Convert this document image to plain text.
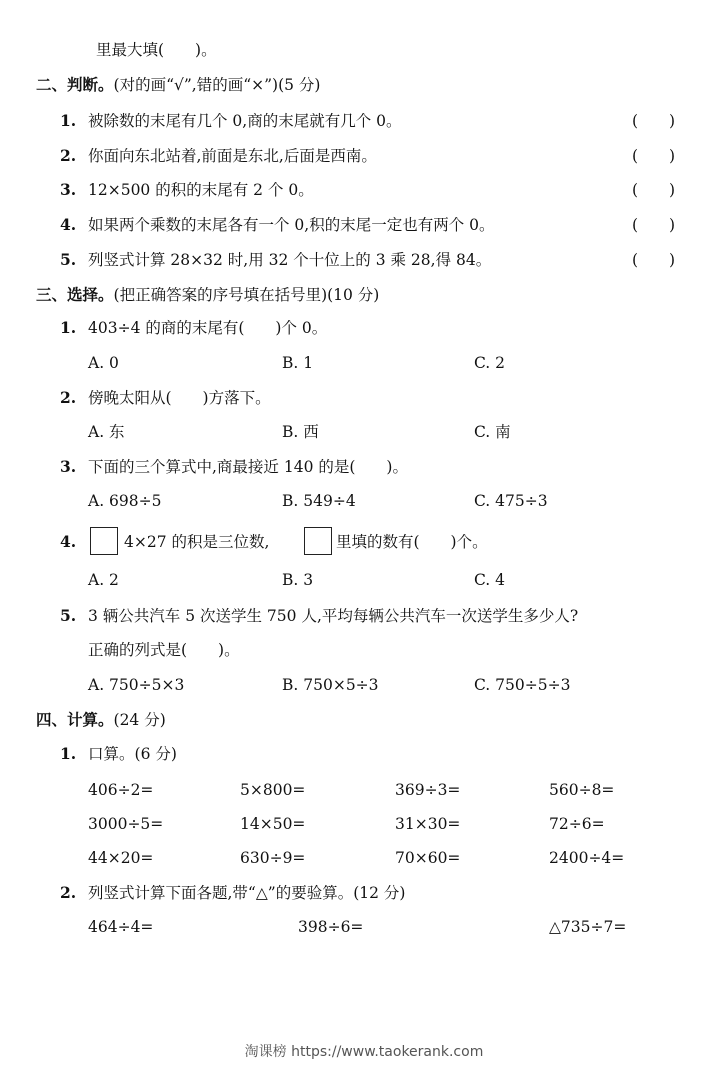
里最大填(　　)。
二、判断。(对的画“√”,错的画“×”)(5 分)
1. 被除数的末尾有几个 0,商的末尾就有几个 0。	(　　)
2. 你面向东北站着,前面是东北,后面是西南。	(　　)
3. 12×500 的积的末尾有 2 个 0。	(　　)
4. 如果两个乘数的末尾各有一个 0,积的末尾一定也有两个 0。	(　　)
5. 列竖式计算 28×32 时,用 32 个十位上的 3 乘 28,得 84。	(　　)
三、选择。(把正确答案的序号填在括号里)(10 分)
1. 403÷4 的商的末尾有(　　)个 0。
A. 0	B. 1	C. 2
2. 傍晚太阳从(　　)方落下。
A. 东	B. 西	C. 南
3. 下面的三个算式中,商最接近 140 的是(　　)。
A. 698÷5	B. 549÷4	C. 475÷3
4.	4×27 的积是三位数,	里填的数有(　　)个。
A. 2	B. 3	C. 4
5. 3 辆公共汽车 5 次送学生 750 人,平均每辆公共汽车一次送学生多少人?
正确的列式是(　　)。
A. 750÷5×3	B. 750×5÷3	C. 750÷5÷3
四、计算。(24 分)
1. 口算。(6 分)
406÷2=	5×800=	369÷3=	560÷8=
3000÷5=	14×50=	31×30=	72÷6=
44×20=	630÷9=	70×60=	2400÷4=
2. 列竖式计算下面各题,带“△”的要验算。(12 分)
464÷4=	398÷6=	△735÷7=
淘课榜 https://www.taokerank.com
